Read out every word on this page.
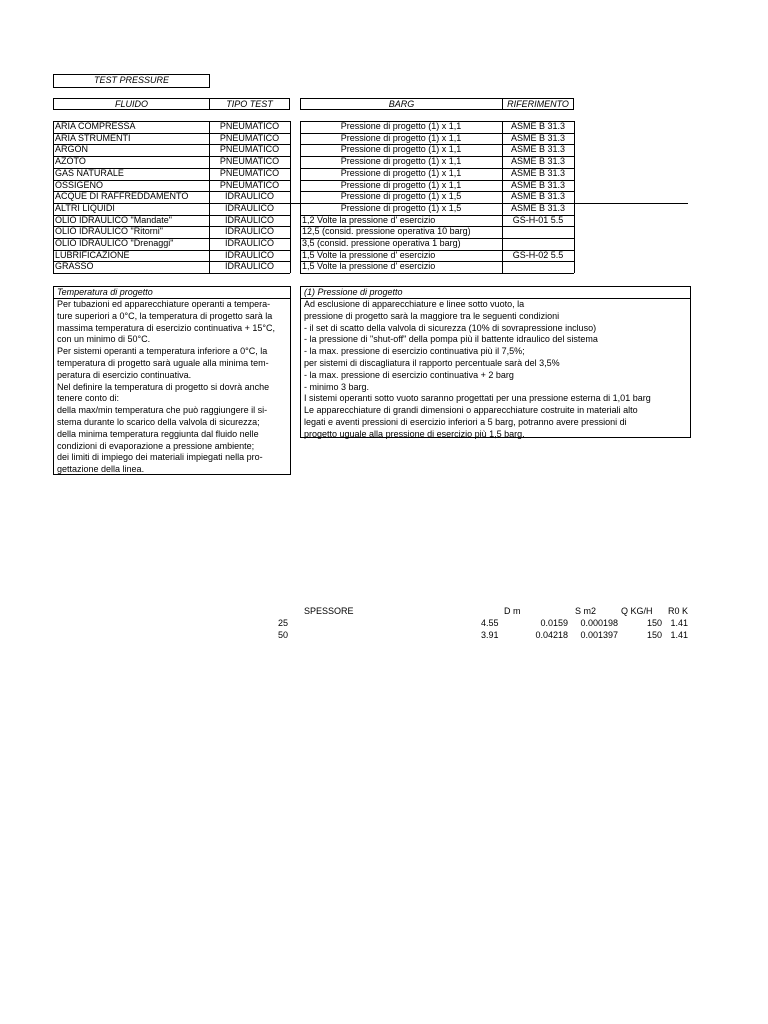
TEST PRESSURE
FLUIDO	TIPO TEST	BARG	RIFERIMENTO
ARIA COMPRESSA	PNEUMATICO	Pressione di progetto (1) x 1,1	ASME B 31.3
ARIA STRUMENTI	PNEUMATICO	Pressione di progetto (1) x 1,1	ASME B 31.3
ARGON	PNEUMATICO	Pressione di progetto (1) x 1,1	ASME B 31.3
AZOTO	PNEUMATICO	Pressione di progetto (1) x 1,1	ASME B 31.3
GAS NATURALE	PNEUMATICO	Pressione di progetto (1) x 1,1	ASME B 31.3
OSSIGENO	PNEUMATICO	Pressione di progetto (1) x 1,1	ASME B 31.3
ACQUE DI RAFFREDDAMENTO	IDRAULICO	Pressione di progetto (1) x 1,5	ASME B 31.3
ALTRI LIQUIDI	IDRAULICO	Pressione di progetto (1) x 1,5	ASME B 31.3
OLIO IDRAULICO "Mandate"	IDRAULICO	1,2 Volte la pressione d' esercizio	GS-H-01 5.5
OLIO IDRAULICO "Ritorni"	IDRAULICO	12,5 (consid. pressione operativa 10 barg)
OLIO IDRAULICO "Drenaggi"	IDRAULICO	3,5 (consid. pressione operativa 1 barg)
LUBRIFICAZIONE	IDRAULICO	1,5 Volte la pressione d' esercizio	GS-H-02 5.5
GRASSO	IDRAULICO	1,5 Volte la pressione d' esercizio
Temperatura di progetto
Per tubazioni ed apparecchiature operanti a tempera-
ture superiori a 0°C, la temperatura di progetto sarà la
massima temperatura di esercizio continuativa + 15°C,
con un minimo di 50°C.
Per sistemi operanti a temperatura inferiore a 0°C, la
temperatura di progetto sarà uguale alla minima tem-
peratura di esercizio continuativa.
Nel definire la temperatura di progetto si dovrà anche
tenere conto di:
della max/min temperatura che può raggiungere il si-
stema durante lo scarico della valvola di sicurezza;
della minima temperatura reggiunta dal fluido nelle
condizioni di evaporazione a pressione ambiente;
dei limiti di impiego dei materiali impiegati nella pro-
gettazione della linea.
(1) Pressione di progetto
Ad esclusione di apparecchiature e linee sotto vuoto, la
pressione di progetto sarà la maggiore tra le seguenti condizioni
- il set di scatto della valvola di sicurezza (10% di sovrapressione incluso)
- la pressione di "shut-off" della pompa più il battente idraulico del sistema
- la max. pressione di esercizio continuativa più il 7,5%;
per sistemi di discagliatura il rapporto percentuale sarà del 3,5%
- la max. pressione di esercizio continuativa + 2 barg
- minimo 3 barg.
I sistemi operanti sotto vuoto saranno progettati per una pressione esterna di 1,01 barg
Le apparecchiature di grandi dimensioni o apparecchiature costruite in materiali alto
legati e aventi pressioni di esercizio inferiori a 5 barg, potranno avere pressioni di
progetto uguale alla pressione di esercizio più 1,5 barg.
SPESSORE	D m	S m2	Q KG/H R0 K
25	4.55	0.0159 0.000198	150 1.41
50	3.91	0.04218 0.001397	150 1.41
